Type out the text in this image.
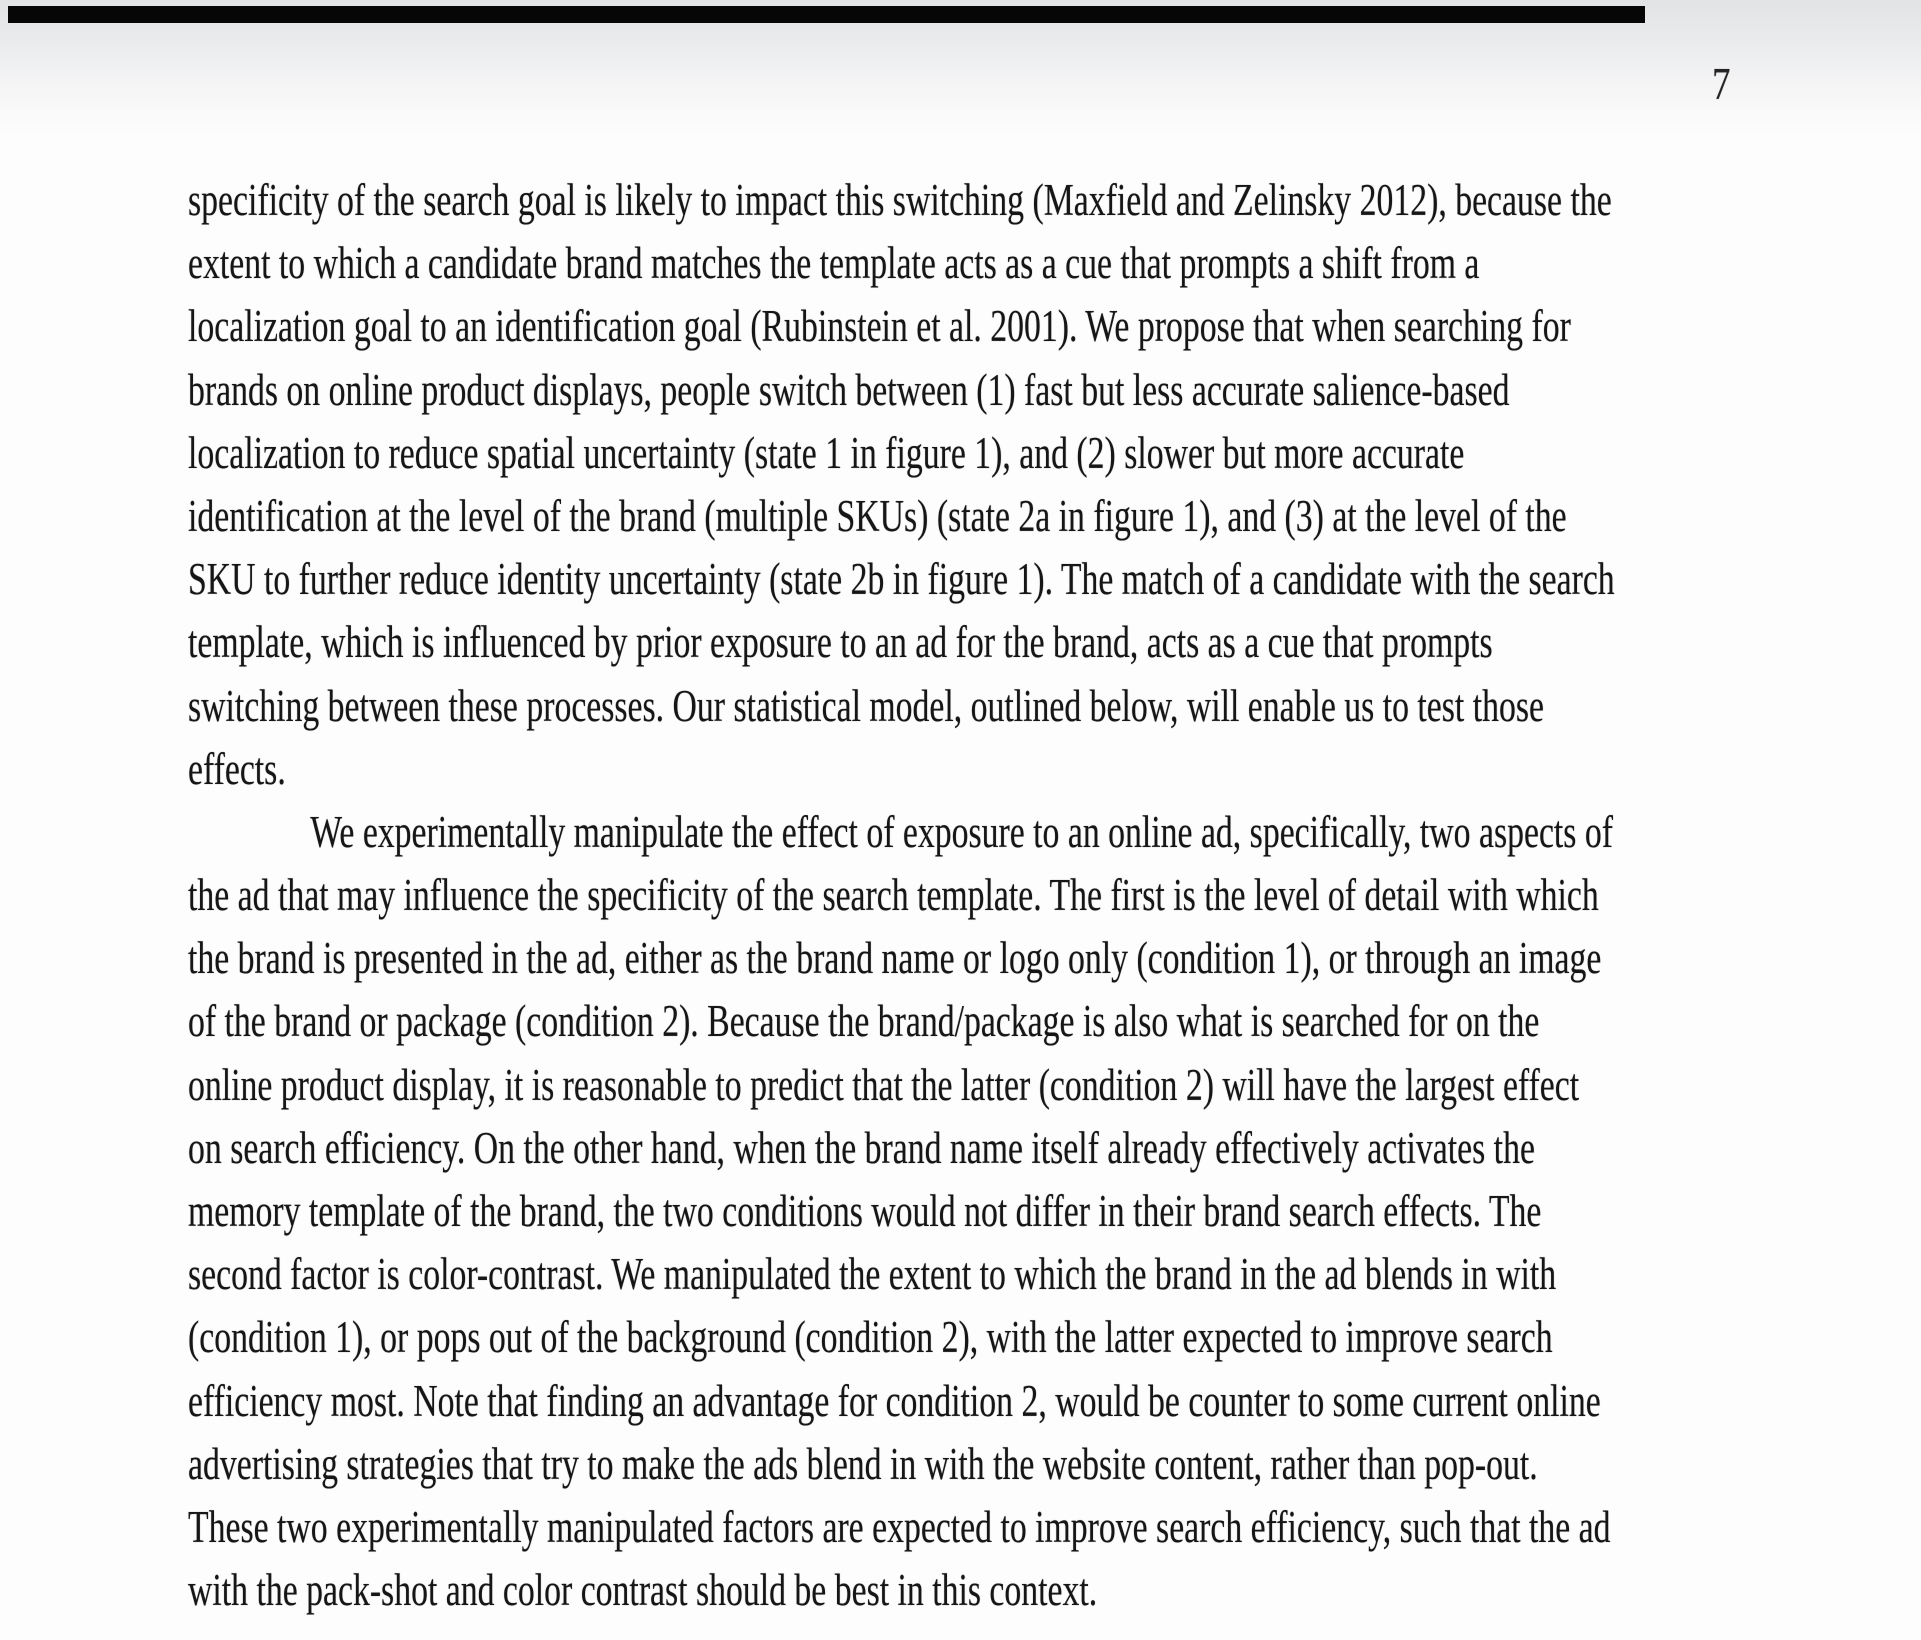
7
specificity of the search goal is likely to impact this switching (Maxfield and Zelinsky 2012), because the
extent to which a candidate brand matches the template acts as a cue that prompts a shift from a
localization goal to an identification goal (Rubinstein et al. 2001). We propose that when searching for
brands on online product displays, people switch between (1) fast but less accurate salience-based
localization to reduce spatial uncertainty (state 1 in figure 1), and (2) slower but more accurate
identification at the level of the brand (multiple SKUs) (state 2a in figure 1), and (3) at the level of the
SKU to further reduce identity uncertainty (state 2b in figure 1). The match of a candidate with the search
template, which is influenced by prior exposure to an ad for the brand, acts as a cue that prompts
switching between these processes. Our statistical model, outlined below, will enable us to test those
effects.
We experimentally manipulate the effect of exposure to an online ad, specifically, two aspects of
the ad that may influence the specificity of the search template. The first is the level of detail with which
the brand is presented in the ad, either as the brand name or logo only (condition 1), or through an image
of the brand or package (condition 2). Because the brand/package is also what is searched for on the
online product display, it is reasonable to predict that the latter (condition 2) will have the largest effect
on search efficiency. On the other hand, when the brand name itself already effectively activates the
memory template of the brand, the two conditions would not differ in their brand search effects. The
second factor is color-contrast. We manipulated the extent to which the brand in the ad blends in with
(condition 1), or pops out of the background (condition 2), with the latter expected to improve search
efficiency most. Note that finding an advantage for condition 2, would be counter to some current online
advertising strategies that try to make the ads blend in with the website content, rather than pop-out.
These two experimentally manipulated factors are expected to improve search efficiency, such that the ad
with the pack-shot and color contrast should be best in this context.
